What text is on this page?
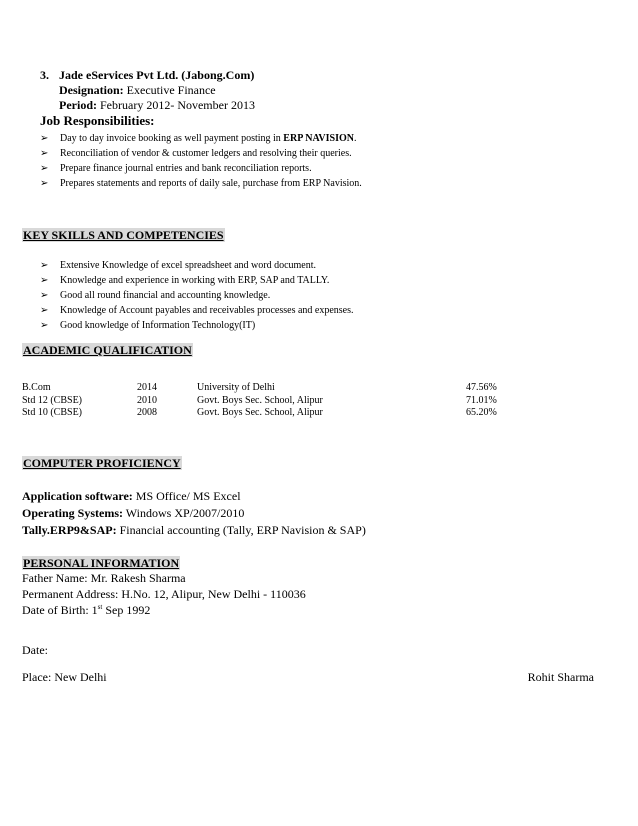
3. Jade eServices Pvt Ltd. (Jabong.Com)
Designation: Executive Finance
Period: February 2012- November 2013
Job Responsibilities:
➢ Day to day invoice booking as well payment posting in ERP NAVISION.
➢ Reconciliation of vendor & customer ledgers and resolving their queries.
➢ Prepare finance journal entries and bank reconciliation reports.
➢ Prepares statements and reports of daily sale, purchase from ERP Navision.
KEY SKILLS AND COMPETENCIES
➢ Extensive Knowledge of excel spreadsheet and word document.
➢ Knowledge and experience in working with ERP, SAP and TALLY.
➢ Good all round financial and accounting knowledge.
➢ Knowledge of Account payables and receivables processes and expenses.
➢ Good knowledge of Information Technology(IT)
ACADEMIC QUALIFICATION
B.Com	2014	University of Delhi	47.56%
Std 12 (CBSE)	2010	Govt. Boys Sec. School, Alipur	71.01%
Std 10 (CBSE)	2008	Govt. Boys Sec. School, Alipur	65.20%
COMPUTER PROFICIENCY
Application software: MS Office/ MS Excel
Operating Systems: Windows XP/2007/2010
Tally.ERP9&SAP: Financial accounting (Tally, ERP Navision & SAP)
PERSONAL INFORMATION
Father Name: Mr. Rakesh Sharma
Permanent Address: H.No. 12, Alipur, New Delhi - 110036
Date of Birth: 1st Sep 1992
Date:
Place: New Delhi	Rohit Sharma
